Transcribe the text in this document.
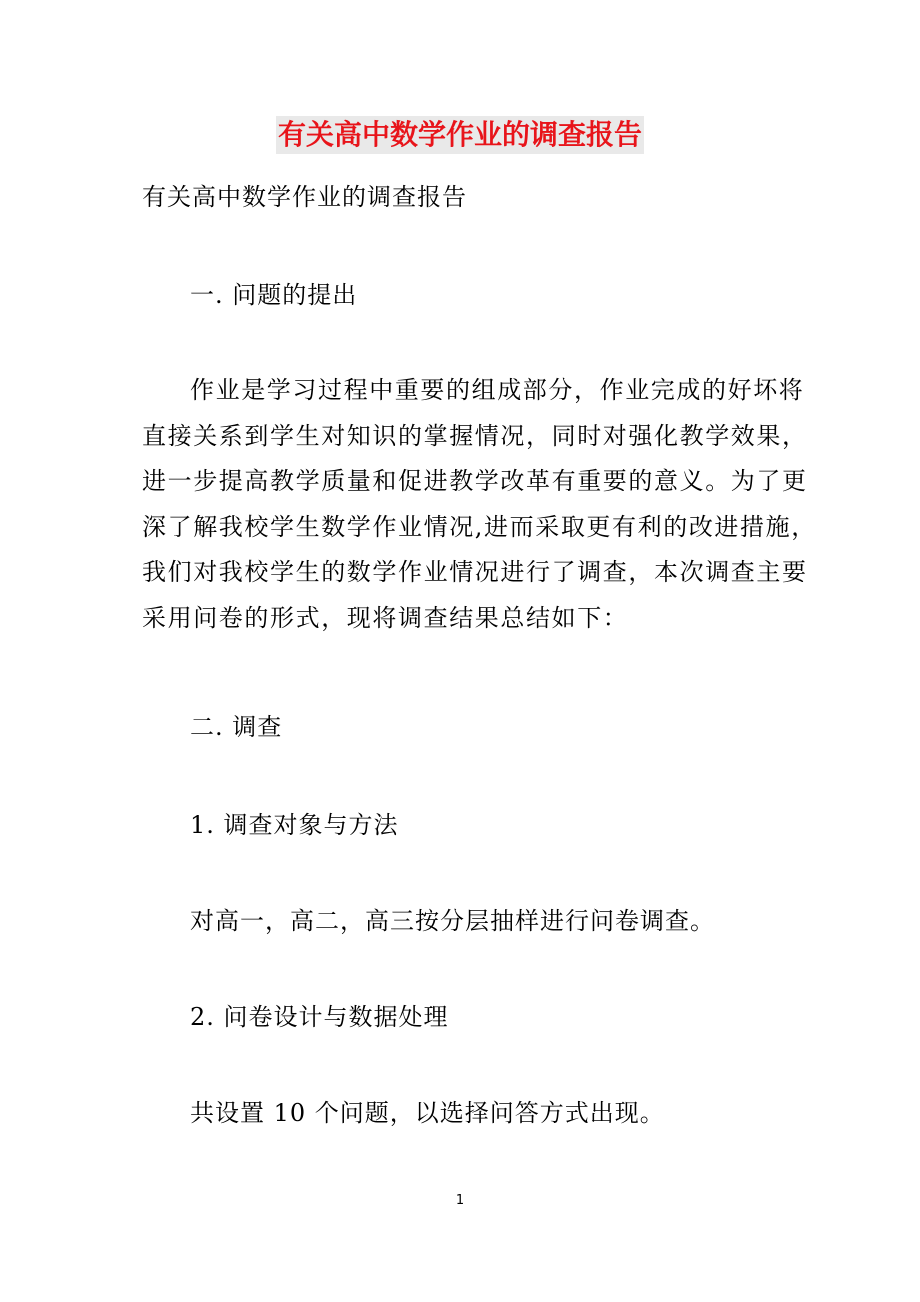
有关高中数学作业的调查报告
有关高中数学作业的调查报告
一. 问题的提出
作业是学习过程中重要的组成部分，作业完成的好坏将
直接关系到学生对知识的掌握情况，同时对强化教学效果，
进一步提高教学质量和促进教学改革有重要的意义。为了更
深了解我校学生数学作业情况,进而采取更有利的改进措施，
我们对我校学生的数学作业情况进行了调查，本次调查主要
采用问卷的形式，现将调查结果总结如下：
二. 调查
1. 调查对象与方法
对高一，高二，高三按分层抽样进行问卷调查。
2. 问卷设计与数据处理
共设置 10 个问题，以选择问答方式出现。
1
